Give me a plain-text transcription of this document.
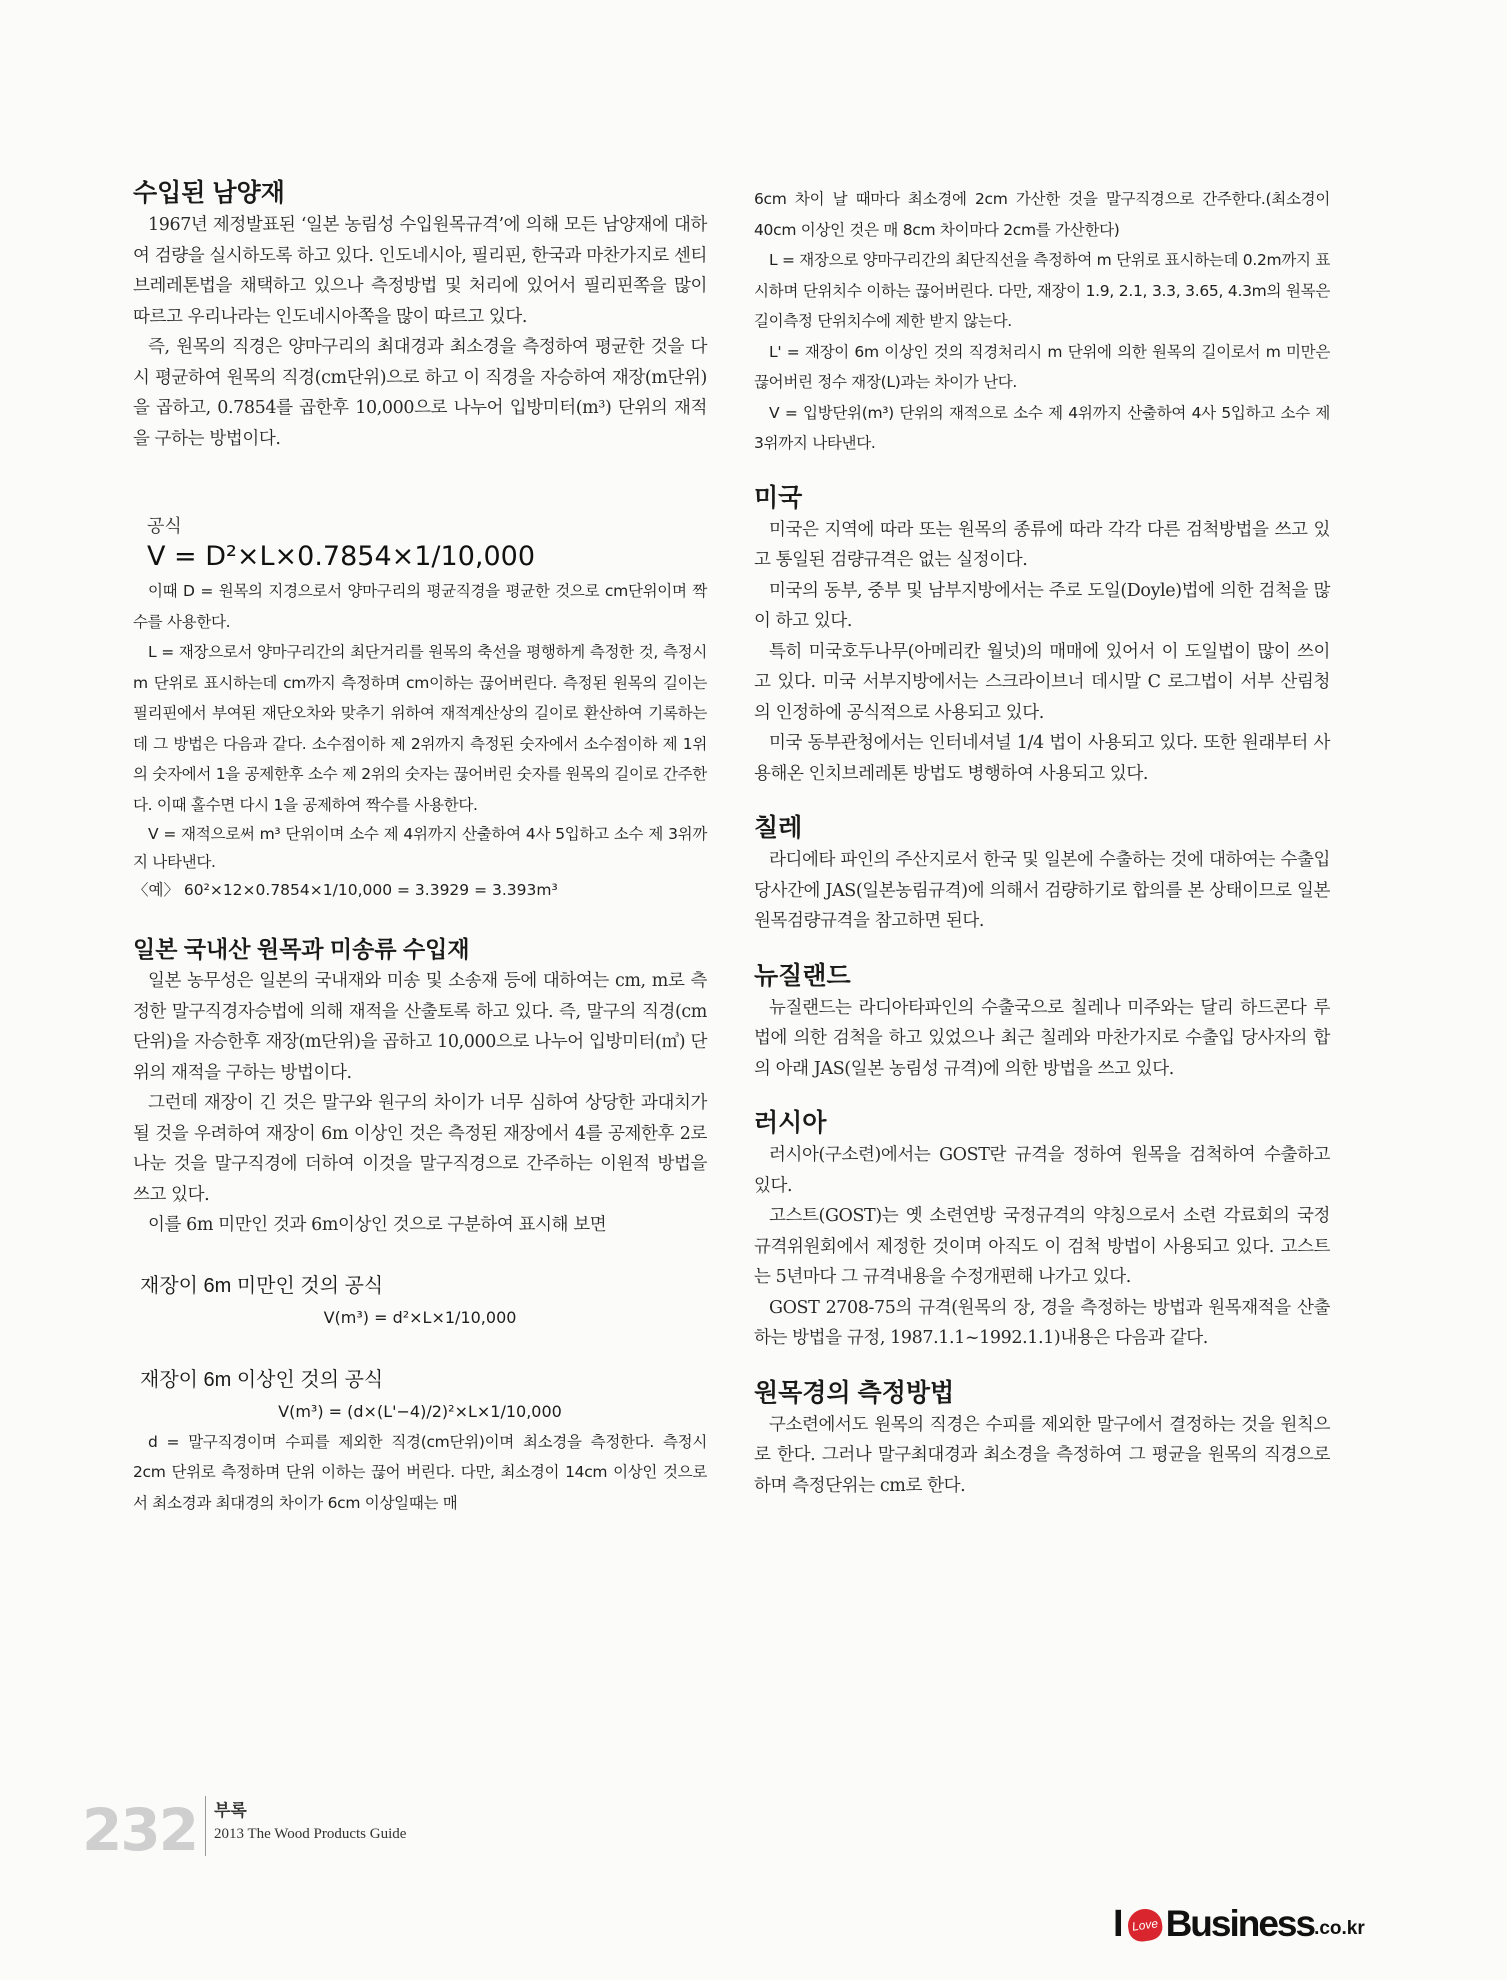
수입된 남양재

1967년 제정발표된 ‘일본 농림성 수입원목규격’에 의해 모든 남양재에 대하여 검량을 실시하도록 하고 있다. 인도네시아, 필리핀, 한국과 마찬가지로 센티 브레레톤법을 채택하고 있으나 측정방법 및 처리에 있어서 필리핀쪽을 많이 따르고 우리나라는 인도네시아쪽을 많이 따르고 있다.

즉, 원목의 직경은 양마구리의 최대경과 최소경을 측정하여 평균한 것을 다시 평균하여 원목의 직경(cm단위)으로 하고 이 직경을 자승하여 재장(m단위)을 곱하고, 0.7854를 곱한후 10,000으로 나누어 입방미터(m³) 단위의 재적을 구하는 방법이다.

공식
V = D²×L×0.7854×1/10,000

이때 D = 원목의 지경으로서 양마구리의 평균직경을 평균한 것으로 cm단위이며 짝수를 사용한다.

L = 재장으로서 양마구리간의 최단거리를 원목의 축선을 평행하게 측정한 것, 측정시 m 단위로 표시하는데 cm까지 측정하며 cm이하는 끊어버린다. 측정된 원목의 길이는 필리핀에서 부여된 재단오차와 맞추기 위하여 재적계산상의 길이로 환산하여 기록하는데 그 방법은 다음과 같다. 소수점이하 제 2위까지 측정된 숫자에서 소수점이하 제 1위의 숫자에서 1을 공제한후 소수 제 2위의 숫자는 끊어버린 숫자를 원목의 길이로 간주한다. 이때 홀수면 다시 1을 공제하여 짝수를 사용한다.

V = 재적으로써 m³ 단위이며 소수 제 4위까지 산출하여 4사 5입하고 소수 제 3위까지 나타낸다.

〈예〉 60²×12×0.7854×1/10,000 = 3.3929 = 3.393m³
일본 국내산 원목과 미송류 수입재

일본 농무성은 일본의 국내재와 미송 및 소송재 등에 대하여는 cm, m로 측정한 말구직경자승법에 의해 재적을 산출토록 하고 있다. 즉, 말구의 직경(cm단위)을 자승한후 재장(m단위)을 곱하고 10,000으로 나누어 입방미터(㎥) 단위의 재적을 구하는 방법이다.

그런데 재장이 긴 것은 말구와 원구의 차이가 너무 심하여 상당한 과대치가 될 것을 우려하여 재장이 6m 이상인 것은 측정된 재장에서 4를 공제한후 2로 나눈 것을 말구직경에 더하여 이것을 말구직경으로 간주하는 이원적 방법을 쓰고 있다.

이를 6m 미만인 것과 6m이상인 것으로 구분하여 표시해 보면

재장이 6m 미만인 것의 공식
V(m³) = d²×L×1/10,000
재장이 6m 이상인 것의 공식
V(m³) = (d×(L'−4)/2)²×L×1/10,000

d = 말구직경이며 수피를 제외한 직경(cm단위)이며 최소경을 측정한다. 측정시 2cm 단위로 측정하며 단위 이하는 끊어 버린다. 다만, 최소경이 14cm 이상인 것으로서 최소경과 최대경의 차이가 6cm 이상일때는 매

6cm 차이 날 때마다 최소경에 2cm 가산한 것을 말구직경으로 간주한다.(최소경이 40cm 이상인 것은 매 8cm 차이마다 2cm를 가산한다)

L = 재장으로 양마구리간의 최단직선을 측정하여 m 단위로 표시하는데 0.2m까지 표시하며 단위치수 이하는 끊어버린다. 다만, 재장이 1.9, 2.1, 3.3, 3.65, 4.3m의 원목은 길이측정 단위치수에 제한 받지 않는다.

L' = 재장이 6m 이상인 것의 직경처리시 m 단위에 의한 원목의 길이로서 m 미만은 끊어버린 정수 재장(L)과는 차이가 난다.

V = 입방단위(m³) 단위의 재적으로 소수 제 4위까지 산출하여 4사 5입하고 소수 제 3위까지 나타낸다.

미국

미국은 지역에 따라 또는 원목의 종류에 따라 각각 다른 검척방법을 쓰고 있고 통일된 검량규격은 없는 실정이다.

미국의 동부, 중부 및 남부지방에서는 주로 도일(Doyle)법에 의한 검척을 많이 하고 있다.

특히 미국호두나무(아메리칸 월넛)의 매매에 있어서 이 도일법이 많이 쓰이고 있다. 미국 서부지방에서는 스크라이브너 데시말 C 로그법이 서부 산림청의 인정하에 공식적으로 사용되고 있다.

미국 동부관청에서는 인터네셔널 1/4 법이 사용되고 있다. 또한 원래부터 사용해온 인치브레레톤 방법도 병행하여 사용되고 있다.

칠레

라디에타 파인의 주산지로서 한국 및 일본에 수출하는 것에 대하여는 수출입 당사간에 JAS(일본농림규격)에 의해서 검량하기로 합의를 본 상태이므로 일본원목검량규격을 참고하면 된다.

뉴질랜드

뉴질랜드는 라디아타파인의 수출국으로 칠레나 미주와는 달리 하드콘다 루법에 의한 검척을 하고 있었으나 최근 칠레와 마찬가지로 수출입 당사자의 합의 아래 JAS(일본 농림성 규격)에 의한 방법을 쓰고 있다.

러시아

러시아(구소련)에서는 GOST란 규격을 정하여 원목을 검척하여 수출하고 있다.

고스트(GOST)는 옛 소련연방 국정규격의 약칭으로서 소련 각료회의 국정규격위원회에서 제정한 것이며 아직도 이 검척 방법이 사용되고 있다. 고스트는 5년마다 그 규격내용을 수정개편해 나가고 있다.

GOST 2708-75의 규격(원목의 장, 경을 측정하는 방법과 원목재적을 산출하는 방법을 규정, 1987.1.1~1992.1.1)내용은 다음과 같다.

원목경의 측정방법

구소련에서도 원목의 직경은 수피를 제외한 말구에서 결정하는 것을 원칙으로 한다. 그러나 말구최대경과 최소경을 측정하여 그 평균을 원목의 직경으로 하며 측정단위는 cm로 한다.

232 부록
2013 The Wood Products Guide
I Love Business .co.kr
